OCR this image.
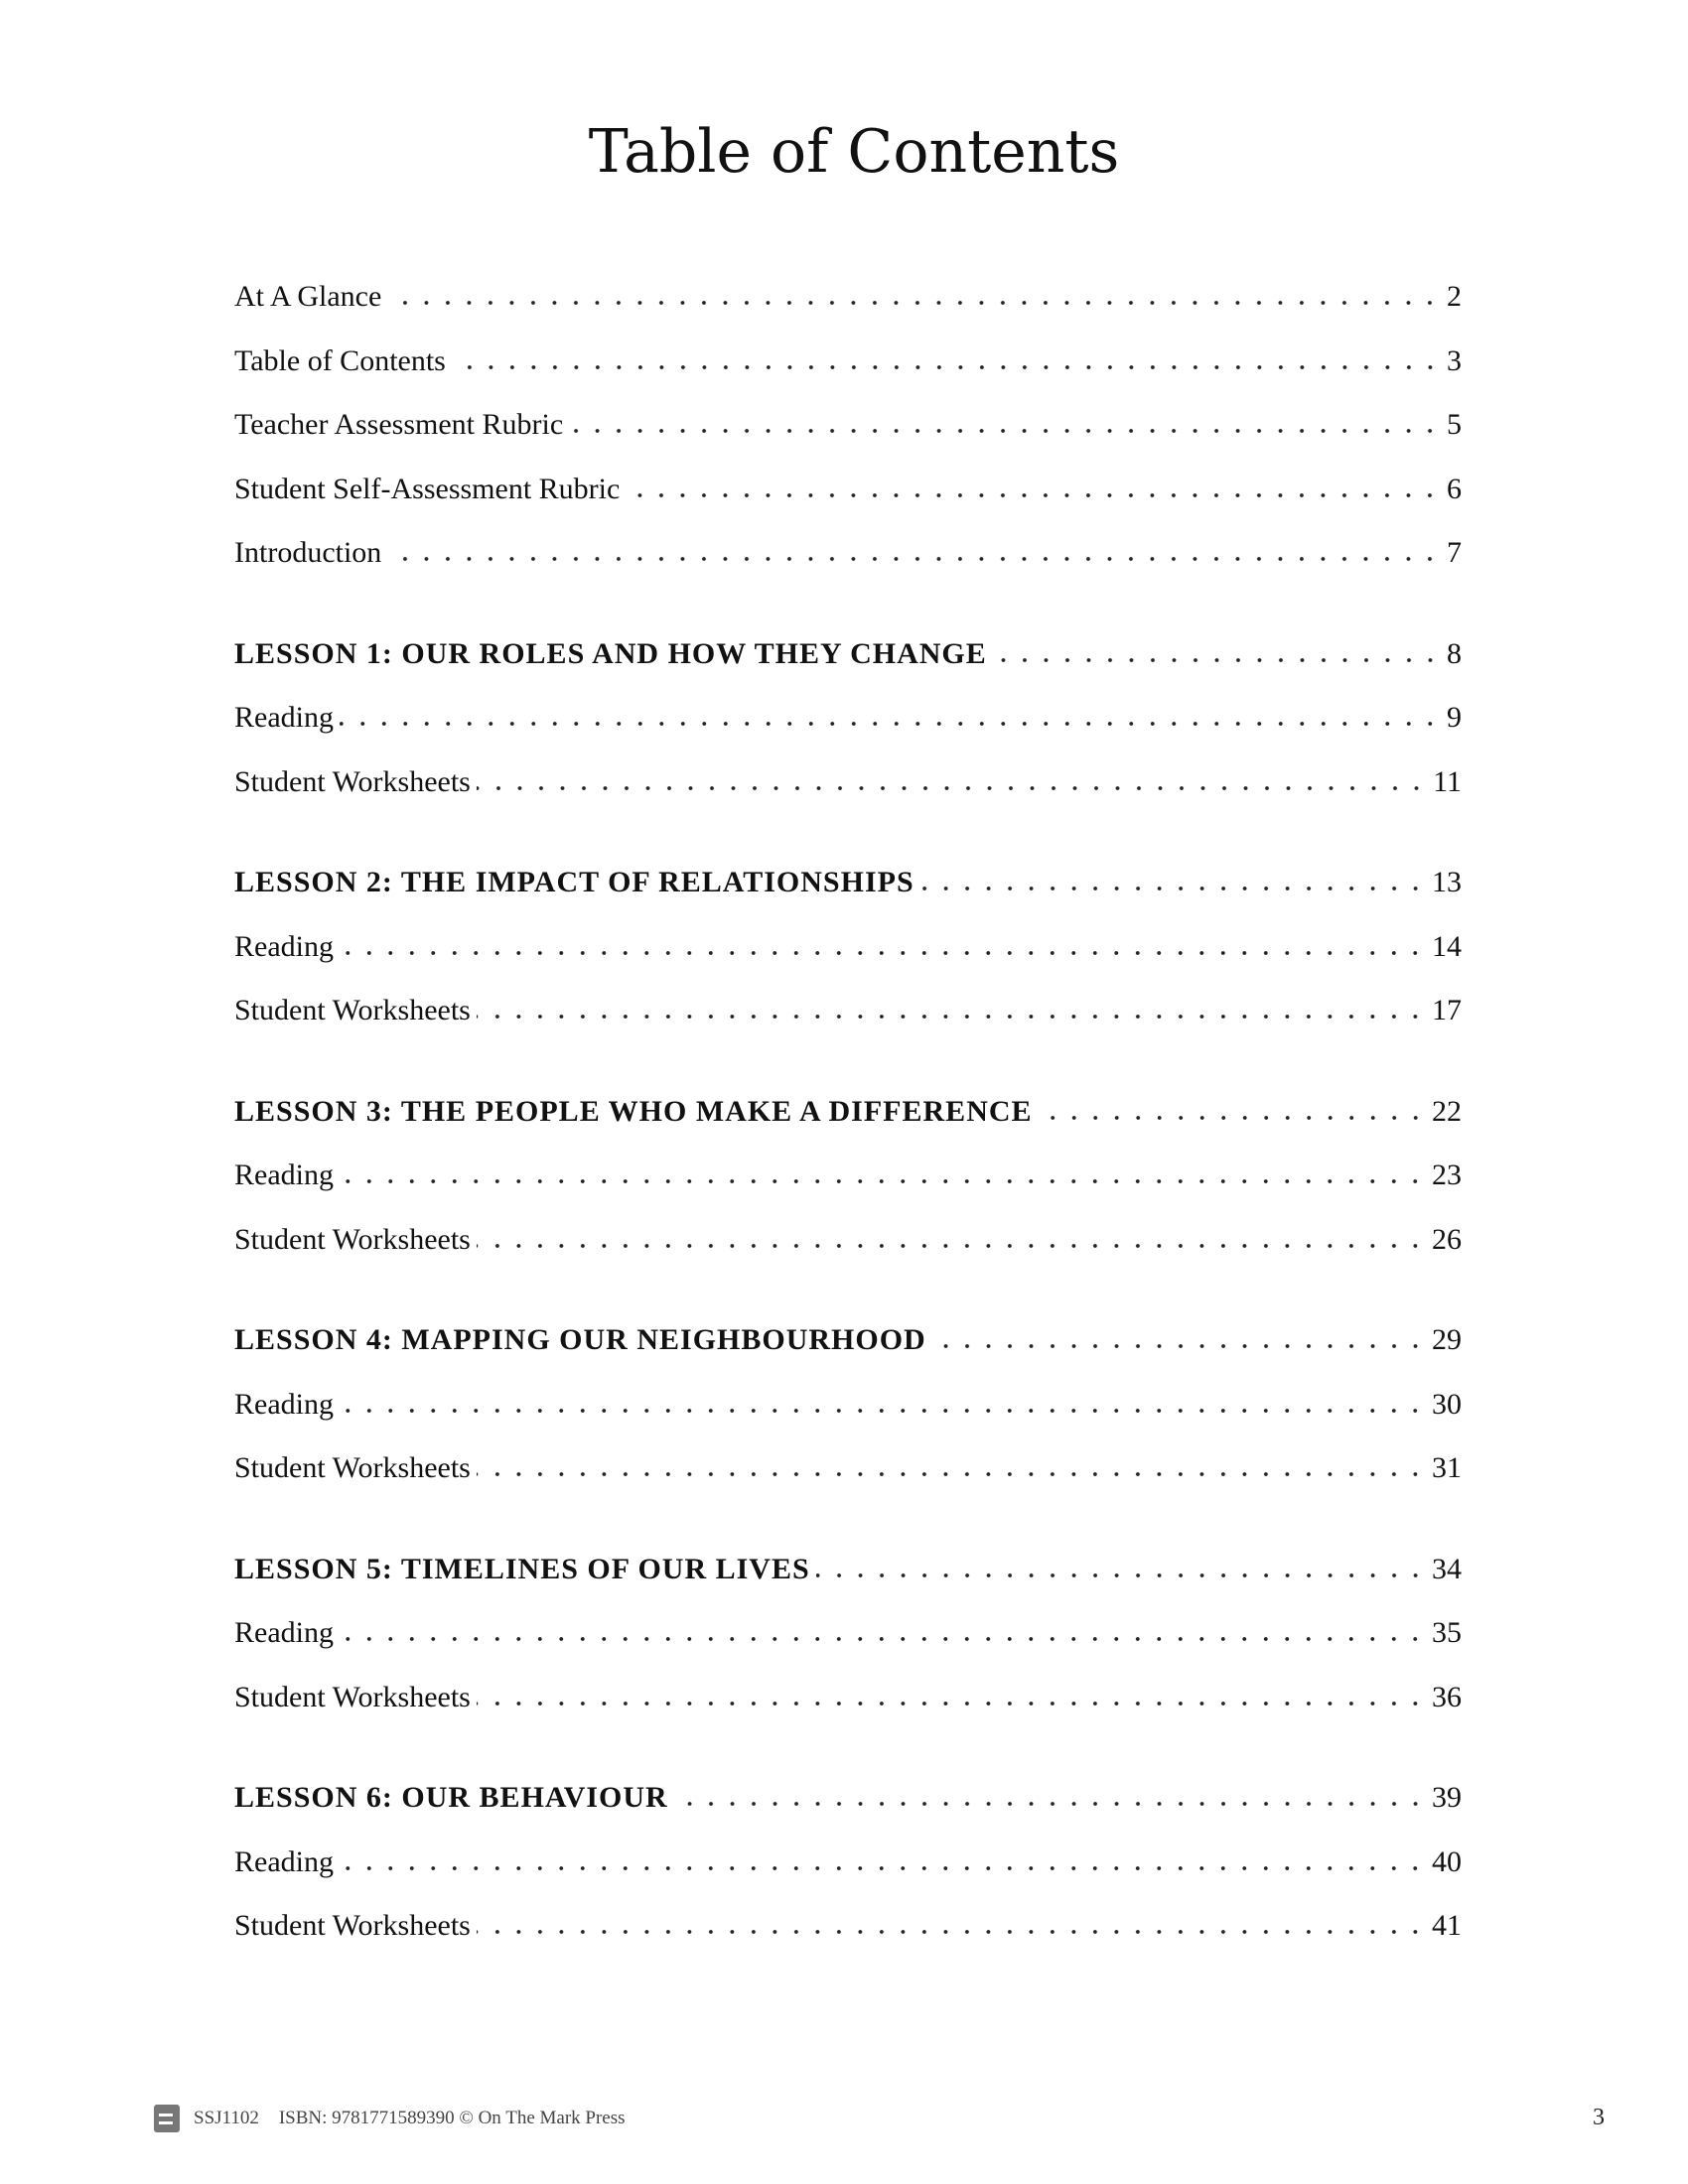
Table of Contents
At A Glance	2
Table of Contents	3
Teacher Assessment Rubric	5
Student Self-Assessment Rubric	6
Introduction	7
LESSON 1: OUR ROLES AND HOW THEY CHANGE	8
Reading	9
Student Worksheets	11
LESSON 2: THE IMPACT OF RELATIONSHIPS	13
Reading	14
Student Worksheets	17
LESSON 3: THE PEOPLE WHO MAKE A DIFFERENCE	22
Reading	23
Student Worksheets	26
LESSON 4: MAPPING OUR NEIGHBOURHOOD	29
Reading	30
Student Worksheets	31
LESSON 5: TIMELINES OF OUR LIVES	34
Reading	35
Student Worksheets	36
LESSON 6: OUR BEHAVIOUR	39
Reading	40
Student Worksheets	41
SSJ1102 ISBN: 9781771589390 © On The Mark Press	3
